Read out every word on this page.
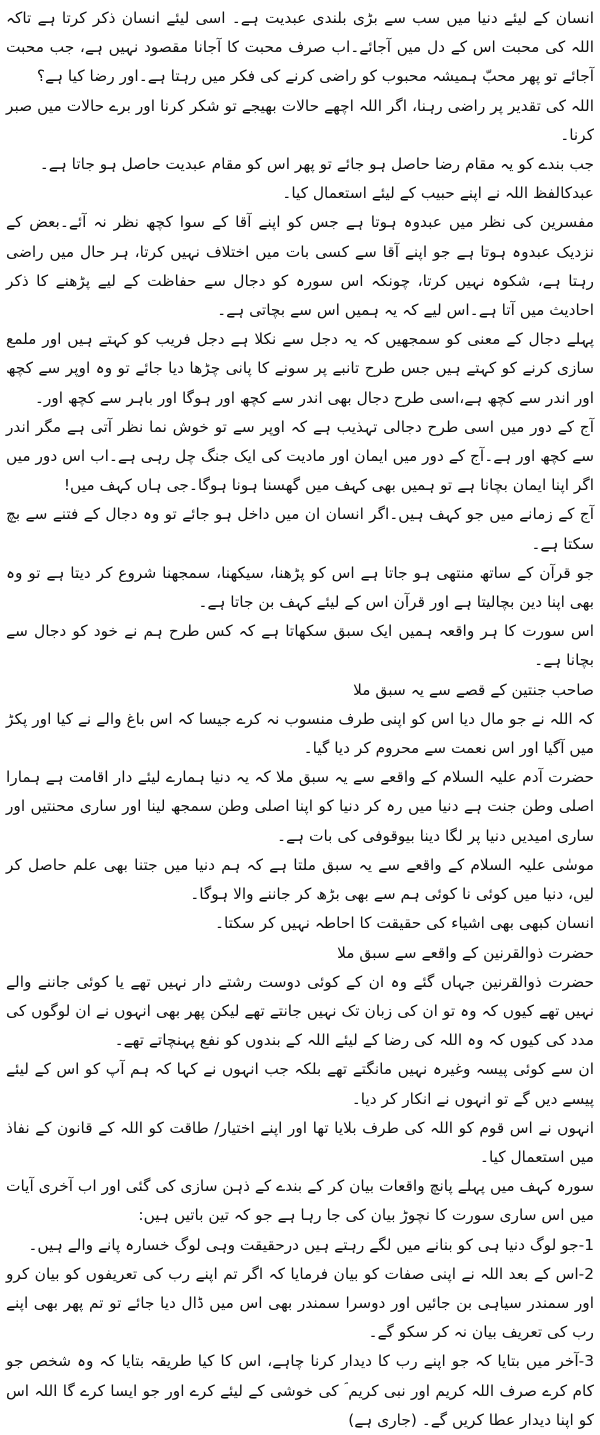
انسان کے لیئے دنیا میں سب سے بڑی بلندی عبدیت ہے۔ اسی لیئے انسان ذکر کرتا ہے تاکہ اللہ کی محبت اس کے دل میں آجائے۔اب صرف محبت کا آجانا مقصود نہیں ہے، جب محبت آجائے تو پھر محبّ ہمیشہ محبوب کو راضی کرنے کی فکر میں رہتا ہے۔اور رضا کیا ہے؟

اللہ کی تقدیر پر راضی رہنا، اگر اللہ اچھے حالات بھیجے تو شکر کرنا اور برے حالات میں صبر کرنا۔

جب بندے کو یہ مقام رضا حاصل ہو جائے تو پھر اس کو مقام عبدیت حاصل ہو جاتا ہے۔

عبدکالفظ اللہ نے اپنے حبیب کے لیئے استعمال کیا۔

مفسرین کی نظر میں عبدوہ ہوتا ہے جس کو اپنے آقا کے سوا کچھ نظر نہ آئے۔بعض کے نزدیک عبدوہ ہوتا ہے جو اپنے آقا سے کسی بات میں اختلاف نہیں کرتا، ہر حال میں راضی رہتا ہے، شکوہ نہیں کرتا، چونکہ اس سورہ کو دجال سے حفاظت کے لیے پڑھنے کا ذکر احادیث میں آتا ہے۔اس لیے کہ یہ ہمیں اس سے بچاتی ہے۔

پہلے دجال کے معنی کو سمجھیں کہ یہ دجل سے نکلا ہے دجل فریب کو کہتے ہیں اور ملمع سازی کرنے کو کہتے ہیں جس طرح تانبے پر سونے کا پانی چڑھا دیا جائے تو وہ اوپر سے کچھ اور اندر سے کچھ ہے،اسی طرح دجال بھی اندر سے کچھ اور ہوگا اور باہر سے کچھ اور۔

آج کے دور میں اسی طرح دجالی تہذیب ہے کہ اوپر سے تو خوش نما نظر آتی ہے مگر اندر سے کچھ اور ہے۔آج کے دور میں ایمان اور مادیت کی ایک جنگ چل رہی ہے۔اب اس دور میں اگر اپنا ایمان بچانا ہے تو ہمیں بھی کہف میں گھسنا ہونا ہوگا۔جی ہاں کہف میں!

آج کے زمانے میں جو کہف ہیں۔اگر انسان ان میں داخل ہو جائے تو وہ دجال کے فتنے سے بچ سکتا ہے۔

جو قرآن کے ساتھ منتھی ہو جاتا ہے اس کو پڑھنا، سیکھنا، سمجھنا شروع کر دیتا ہے تو وہ بھی اپنا دین بچالیتا ہے اور قرآن اس کے لیئے کہف بن جاتا ہے۔

اس سورت کا ہر واقعہ ہمیں ایک سبق سکھاتا ہے کہ کس طرح ہم نے خود کو دجال سے بچانا ہے۔

صاحب جنتین کے قصے سے یہ سبق ملا

کہ اللہ نے جو مال دیا اس کو اپنی طرف منسوب نہ کرے جیسا کہ اس باغ والے نے کیا اور پکڑ میں آگیا اور اس نعمت سے محروم کر دیا گیا۔

حضرت آدم علیہ السلام کے واقعے سے یہ سبق ملا کہ یہ دنیا ہمارے لیئے دار اقامت ہے ہمارا اصلی وطن جنت ہے دنیا میں رہ کر دنیا کو اپنا اصلی وطن سمجھ لینا اور ساری محنتیں اور ساری امیدیں دنیا پر لگا دینا بیوقوفی کی بات ہے۔

موسٰی علیہ السلام کے واقعے سے یہ سبق ملتا ہے کہ ہم دنیا میں جتنا بھی علم حاصل کر لیں، دنیا میں کوئی نا کوئی ہم سے بھی بڑھ کر جاننے والا ہوگا۔

انسان کبھی بھی اشیاء کی حقیقت کا احاطہ نہیں کر سکتا۔

حضرت ذوالقرنین کے واقعے سے سبق ملا

حضرت ذوالقرنین جہاں گئے وہ ان کے کوئی دوست رشتے دار نہیں تھے یا کوئی جاننے والے نہیں تھے کیوں کہ وہ تو ان کی زبان تک نہیں جانتے تھے لیکن پھر بھی انہوں نے ان لوگوں کی مدد کی کیوں کہ وہ اللہ کی رضا کے لیئے اللہ کے بندوں کو نفع پہنچاتے تھے۔

ان سے کوئی پیسہ وغیرہ نہیں مانگتے تھے بلکہ جب انہوں نے کہا کہ ہم آپ کو اس کے لیئے پیسے دیں گے تو انہوں نے انکار کر دیا۔

انہوں نے اس قوم کو اللہ کی طرف بلایا تھا اور اپنے اختیار/ طاقت کو اللہ کے قانون کے نفاذ میں استعمال کیا۔

سورہ کہف میں پہلے پانچ واقعات بیان کر کے بندے کے ذہن سازی کی گئی اور اب آخری آیات میں اس ساری سورت کا نچوڑ بیان کی جا رہا ہے جو کہ تین باتیں ہیں:

1-جو لوگ دنیا ہی کو بنانے میں لگے رہتے ہیں درحقیقت وہی لوگ خسارہ پانے والے ہیں۔

2-اس کے بعد اللہ نے اپنی صفات کو بیان فرمایا کہ اگر تم اپنے رب کی تعریفوں کو بیان کرو اور سمندر سیاہی بن جائیں اور دوسرا سمندر بھی اس میں ڈال دیا جائے تو تم پھر بھی اپنے رب کی تعریف بیان نہ کر سکو گے۔

3-آخر میں بتایا کہ جو اپنے رب کا دیدار کرنا چاہے، اس کا کیا طریقہ بتایا کہ وہ شخص جو کام کرے صرف اللہ کریم اور نبی کریم ؐ کی خوشی کے لیئے کرے اور جو ایسا کرے گا اللہ اس کو اپنا دیدار عطا کریں گے۔ (جاری ہے)
